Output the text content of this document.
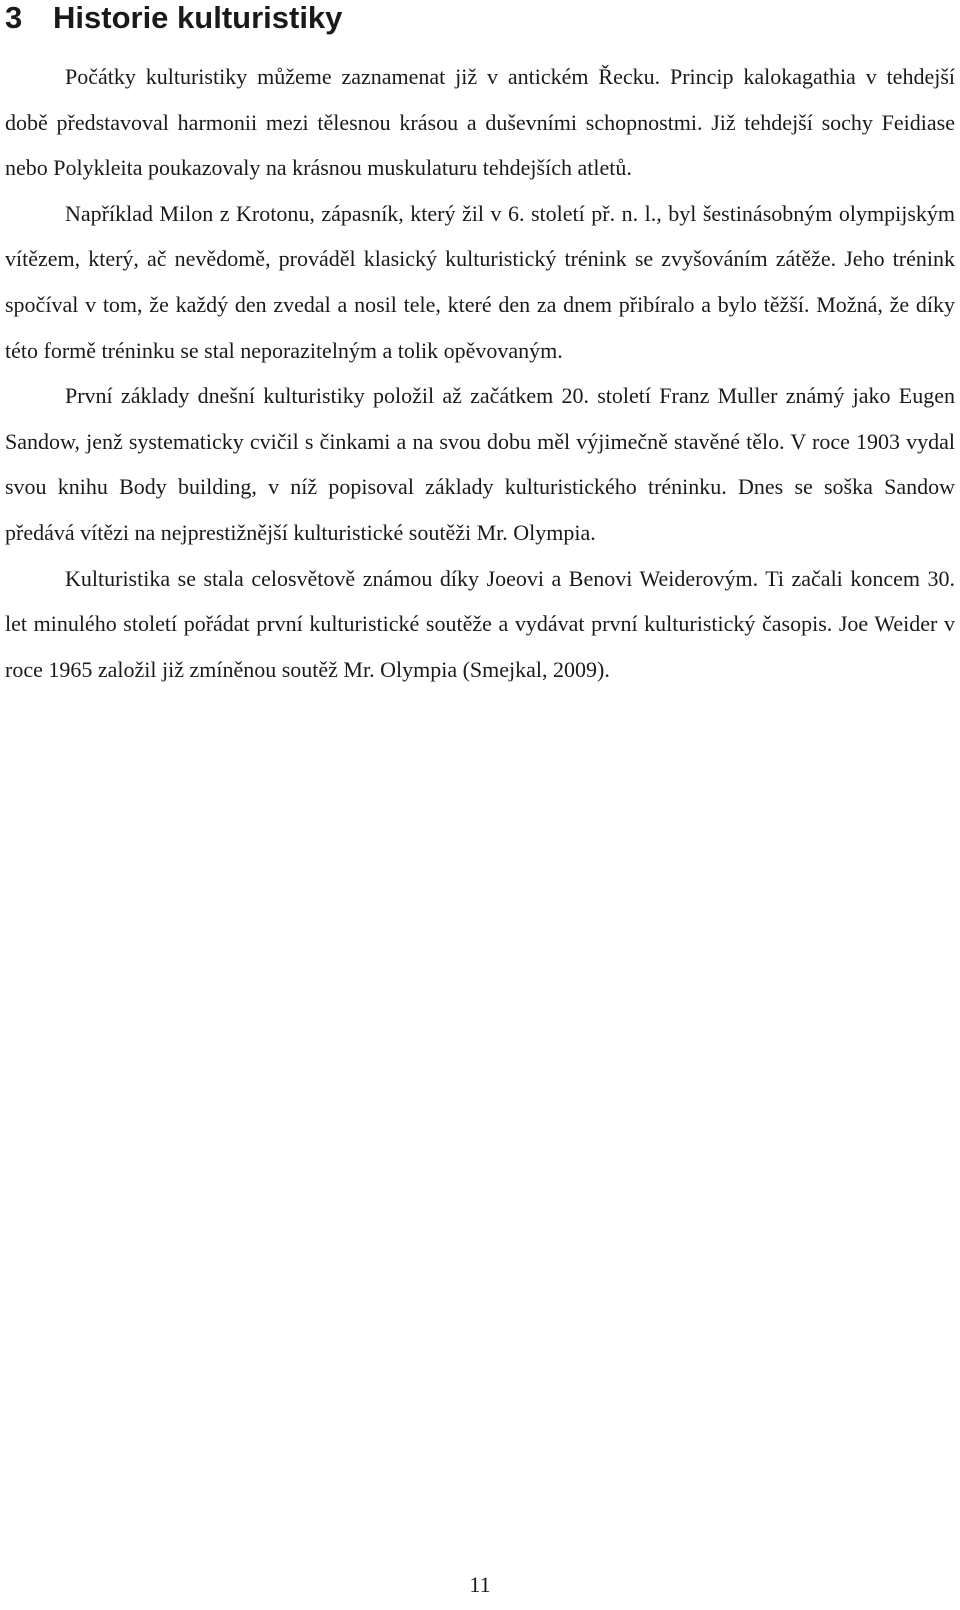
3 Historie kulturistiky

Počátky kulturistiky můžeme zaznamenat již v antickém Řecku. Princip kalokagathia v tehdejší době představoval harmonii mezi tělesnou krásou a duševními schopnostmi. Již tehdejší sochy Feidiase nebo Polykleita poukazovaly na krásnou muskulaturu tehdejších atletů.

Například Milon z Krotonu, zápasník, který žil v 6. století př. n. l., byl šestinásobným olympijským vítězem, který, ač nevědomě, prováděl klasický kulturistický trénink se zvyšováním zátěže. Jeho trénink spočíval v tom, že každý den zvedal a nosil tele, které den za dnem přibíralo a bylo těžší. Možná, že díky této formě tréninku se stal neporazitelným a tolik opěvovaným.

První základy dnešní kulturistiky položil až začátkem 20. století Franz Muller známý jako Eugen Sandow, jenž systematicky cvičil s činkami a na svou dobu měl výjimečně stavěné tělo. V roce 1903 vydal svou knihu Body building, v níž popisoval základy kulturistického tréninku. Dnes se soška Sandow předává vítězi na nejprestižnější kulturistické soutěži Mr. Olympia.

Kulturistika se stala celosvětově známou díky Joeovi a Benovi Weiderovým. Ti začali koncem 30. let minulého století pořádat první kulturistické soutěže a vydávat první kulturistický časopis. Joe Weider v roce 1965 založil již zmíněnou soutěž Mr. Olympia (Smejkal, 2009).

11
